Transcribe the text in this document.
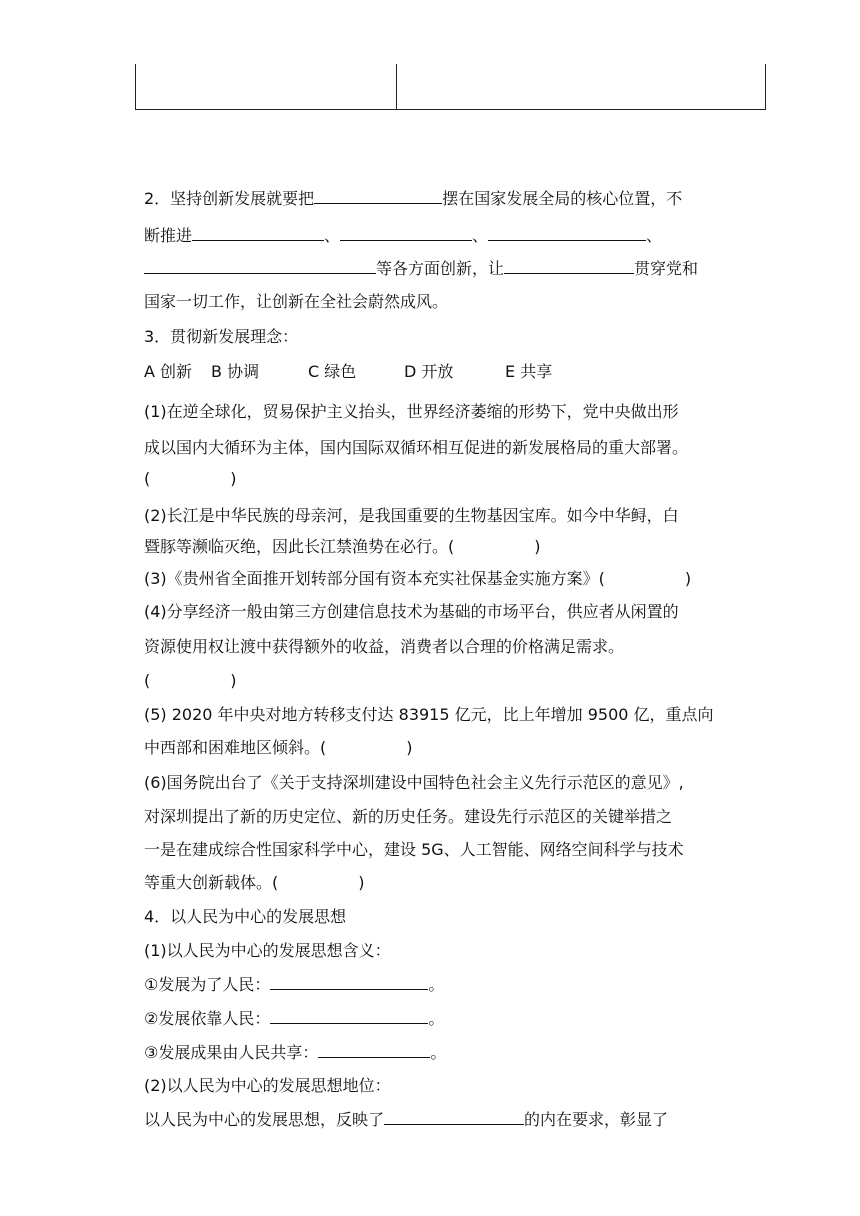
2．坚持创新发展就要把	摆在国家发展全局的核心位置，不
断推进	、	、	、
等各方面创新，让	贯穿党和
国家一切工作，让创新在全社会蔚然成风。
3．贯彻新发展理念：
A 创新 B 协调	C 绿色	D 开放	E 共享
(1)在逆全球化，贸易保护主义抬头，世界经济萎缩的形势下，党中央做出形
成以国内大循环为主体，国内国际双循环相互促进的新发展格局的重大部署。
(	)
(2)长江是中华民族的母亲河，是我国重要的生物基因宝库。如今中华鲟，白
暨豚等濒临灭绝，因此长江禁渔势在必行。(	)
(3)《贵州省全面推开划转部分国有资本充实社保基金实施方案》(	)
(4)分享经济一般由第三方创建信息技术为基础的市场平台，供应者从闲置的
资源使用权让渡中获得额外的收益，消费者以合理的价格满足需求。
(	)
(5) 2020 年中央对地方转移支付达 83915 亿元，比上年增加 9500 亿，重点向
中西部和困难地区倾斜。(	)
(6)国务院出台了《关于支持深圳建设中国特色社会主义先行示范区的意见》,
对深圳提出了新的历史定位、新的历史任务。建设先行示范区的关键举措之
一是在建成综合性国家科学中心，建设 5G、人工智能、网络空间科学与技术
等重大创新载体。(	)
4．以人民为中心的发展思想
(1)以人民为中心的发展思想含义：
①发展为了人民：	。
②发展依靠人民：	。
③发展成果由人民共享：	。
(2)以人民为中心的发展思想地位：
以人民为中心的发展思想，反映了	的内在要求，彰显了
